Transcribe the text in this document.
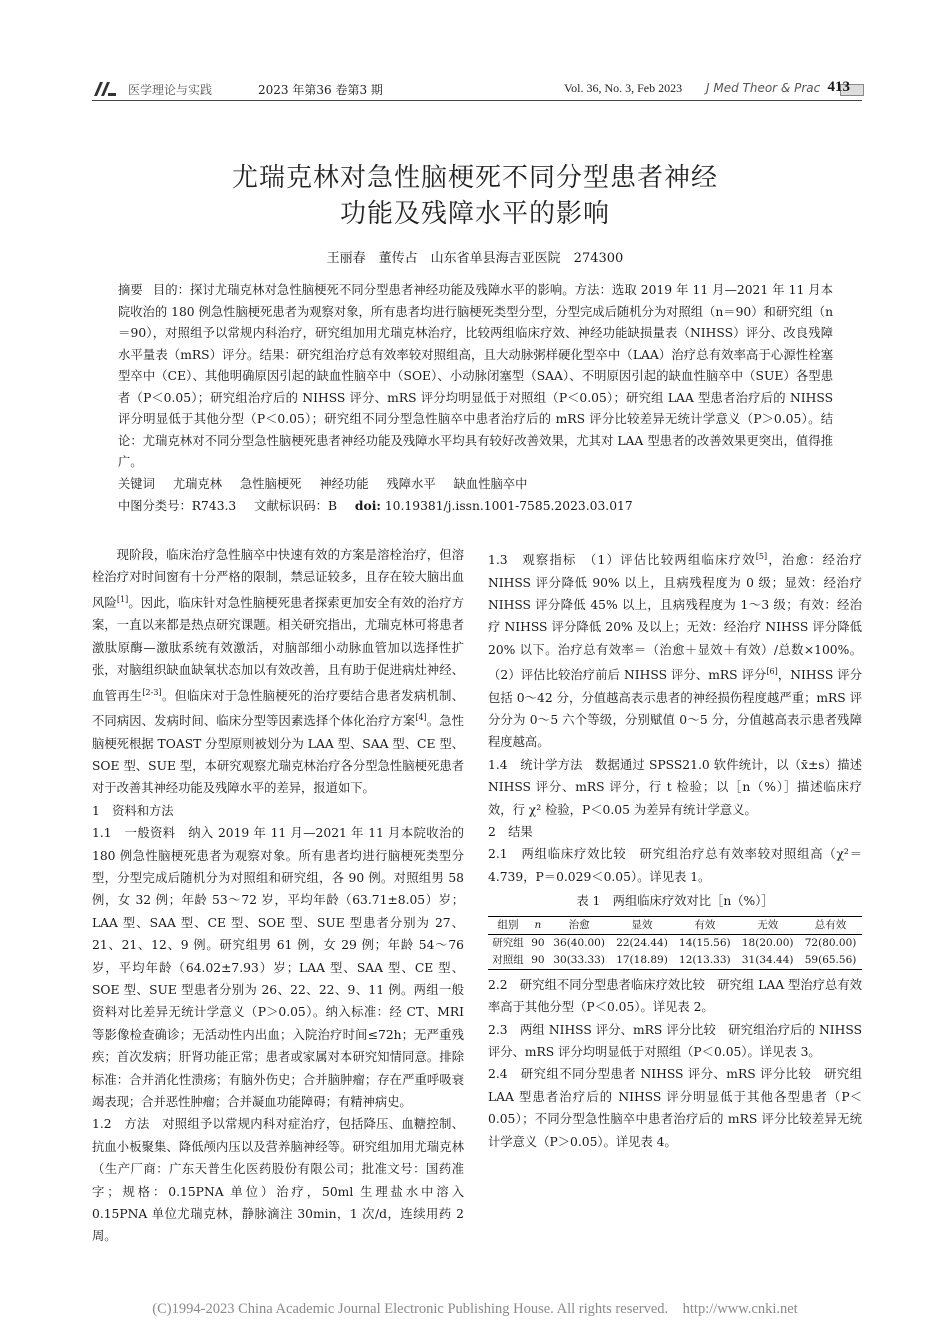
医学理论与实践	2023 年第36 卷第3 期	Vol. 36, No. 3, Feb 2023 J Med Theor & Prac 413
尤瑞克林对急性脑梗死不同分型患者神经
功能及残障水平的影响
王丽春　董传占　山东省单县海吉亚医院　274300

摘要 目的：探讨尤瑞克林对急性脑梗死不同分型患者神经功能及残障水平的影响。方法：选取 2019 年 11 月—2021 年 11 月本院收治的 180 例急性脑梗死患者为观察对象，所有患者均进行脑梗死类型分型，分型完成后随机分为对照组（n＝90）和研究组（n＝90），对照组予以常规内科治疗，研究组加用尤瑞克林治疗，比较两组临床疗效、神经功能缺损量表（NIHSS）评分、改良残障水平量表（mRS）评分。结果：研究组治疗总有效率较对照组高，且大动脉粥样硬化型卒中（LAA）治疗总有效率高于心源性栓塞型卒中（CE）、其他明确原因引起的缺血性脑卒中（SOE）、小动脉闭塞型（SAA）、不明原因引起的缺血性脑卒中（SUE）各型患者（P＜0.05）；研究组治疗后的 NIHSS 评分、mRS 评分均明显低于对照组（P＜0.05）；研究组 LAA 型患者治疗后的 NIHSS 评分明显低于其他分型（P＜0.05）；研究组不同分型急性脑卒中患者治疗后的 mRS 评分比较差异无统计学意义（P＞0.05）。结论：尤瑞克林对不同分型急性脑梗死患者神经功能及残障水平均具有较好改善效果，尤其对 LAA 型患者的改善效果更突出，值得推广。

关键词 尤瑞克林 急性脑梗死 神经功能 残障水平 缺血性脑卒中

中图分类号：R743.3 文献标识码：B doi: 10.19381/j.issn.1001-7585.2023.03.017

现阶段，临床治疗急性脑卒中快速有效的方案是溶栓治疗，但溶栓治疗对时间窗有十分严格的限制，禁忌证较多，且存在较大脑出血风险[1]。因此，临床针对急性脑梗死患者探索更加安全有效的治疗方案，一直以来都是热点研究课题。相关研究指出，尤瑞克林可将患者激肽原酶—激肽系统有效激活，对脑部细小动脉血管加以选择性扩张，对脑组织缺血缺氧状态加以有效改善，且有助于促进病灶神经、血管再生[2-3]。但临床对于急性脑梗死的治疗要结合患者发病机制、不同病因、发病时间、临床分型等因素选择个体化治疗方案[4]。急性脑梗死根据 TOAST 分型原则被划分为 LAA 型、SAA 型、CE 型、SOE 型、SUE 型，本研究观察尤瑞克林治疗各分型急性脑梗死患者对于改善其神经功能及残障水平的差异，报道如下。

1　资料和方法

1.1　一般资料　纳入 2019 年 11 月—2021 年 11 月本院收治的 180 例急性脑梗死患者为观察对象。所有患者均进行脑梗死类型分型，分型完成后随机分为对照组和研究组，各 90 例。对照组男 58 例，女 32 例；年龄 53～72 岁，平均年龄（63.71±8.05）岁；LAA 型、SAA 型、CE 型、SOE 型、SUE 型患者分别为 27、21、21、12、9 例。研究组男 61 例，女 29 例；年龄 54～76 岁，平均年龄（64.02±7.93）岁；LAA 型、SAA 型、CE 型、SOE 型、SUE 型患者分别为 26、22、22、9、11 例。两组一般资料对比差异无统计学意义（P＞0.05）。纳入标准：经 CT、MRI 等影像检查确诊；无活动性内出血；入院治疗时间≤72h；无严重残疾；首次发病；肝肾功能正常；患者或家属对本研究知情同意。排除标准：合并消化性溃疡；有脑外伤史；合并脑肿瘤；存在严重呼吸衰竭表现；合并恶性肿瘤；合并凝血功能障碍；有精神病史。

1.2　方法　对照组予以常规内科对症治疗，包括降压、血糖控制、抗血小板聚集、降低颅内压以及营养脑神经等。研究组加用尤瑞克林（生产厂商：广东天普生化医药股份有限公司；批准文号：国药准字；规格：0.15PNA 单位）治疗，50ml 生理盐水中溶入 0.15PNA 单位尤瑞克林，静脉滴注 30min，1 次/d，连续用药 2 周。

1.3　观察指标　（1）评估比较两组临床疗效[5]，治愈：经治疗 NIHSS 评分降低 90% 以上，且病残程度为 0 级；显效：经治疗 NIHSS 评分降低 45% 以上，且病残程度为 1～3 级；有效：经治疗 NIHSS 评分降低 20% 及以上；无效：经治疗 NIHSS 评分降低 20% 以下。治疗总有效率＝（治愈＋显效＋有效）/总数×100%。（2）评估比较治疗前后 NIHSS 评分、mRS 评分[6]，NIHSS 评分包括 0～42 分，分值越高表示患者的神经损伤程度越严重；mRS 评分分为 0～5 六个等级，分别赋值 0～5 分，分值越高表示患者残障程度越高。

1.4　统计学方法　数据通过 SPSS21.0 软件统计，以（x̄±s）描述 NIHSS 评分、mRS 评分，行 t 检验；以［n（%）］描述临床疗效，行 χ² 检验，P＜0.05 为差异有统计学意义。

2　结果

2.1　两组临床疗效比较　研究组治疗总有效率较对照组高（χ²＝4.739，P＝0.029＜0.05）。详见表 1。

表 1　两组临床疗效对比［n（%）］
组别	n	治愈	显效	有效	无效	总有效
研究组	90	36(40.00)	22(24.44)	14(15.56)	18(20.00)	72(80.00)
对照组	90	30(33.33)	17(18.89)	12(13.33)	31(34.44)	59(65.56)

2.2　研究组不同分型患者临床疗效比较　研究组 LAA 型治疗总有效率高于其他分型（P＜0.05）。详见表 2。

2.3　两组 NIHSS 评分、mRS 评分比较　研究组治疗后的 NIHSS 评分、mRS 评分均明显低于对照组（P＜0.05）。详见表 3。

2.4　研究组不同分型患者 NIHSS 评分、mRS 评分比较　研究组 LAA 型患者治疗后的 NIHSS 评分明显低于其他各型患者（P＜0.05）；不同分型急性脑卒中患者治疗后的 mRS 评分比较差异无统计学意义（P＞0.05）。详见表 4。

(C)1994-2023 China Academic Journal Electronic Publishing House. All rights reserved.　http://www.cnki.net
